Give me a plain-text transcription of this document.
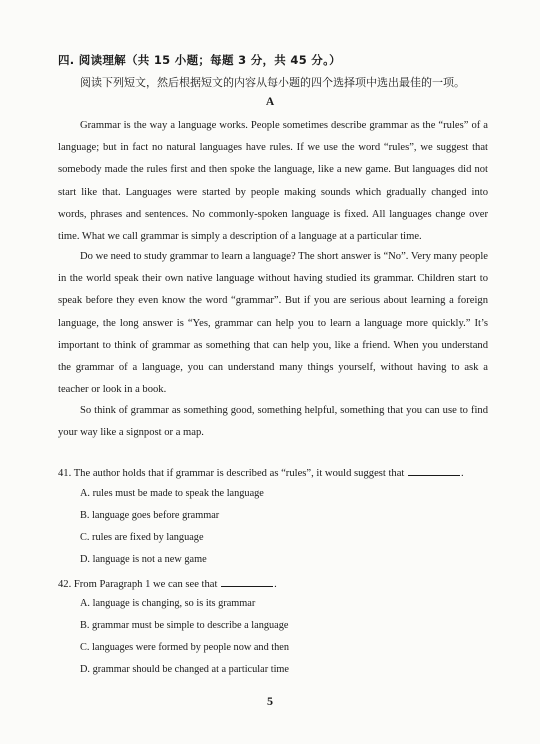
四. 阅读理解（共 15 小题；每题 3 分，共 45 分。）
阅读下列短文，然后根据短文的内容从每小题的四个选择项中选出最佳的一项。
A

Grammar is the way a language works. People sometimes describe grammar as the “rules” of a language; but in fact no natural languages have rules. If we use the word “rules”, we suggest that somebody made the rules first and then spoke the language, like a new game. But languages did not start like that. Languages were started by people making sounds which gradually changed into words, phrases and sentences. No commonly-spoken language is fixed. All languages change over time. What we call grammar is simply a description of a language at a particular time.

Do we need to study grammar to learn a language? The short answer is “No”. Very many people in the world speak their own native language without having studied its grammar. Children start to speak before they even know the word “grammar”. But if you are serious about learning a foreign language, the long answer is “Yes, grammar can help you to learn a language more quickly.” It’s important to think of grammar as something that can help you, like a friend. When you understand the grammar of a language, you can understand many things yourself, without having to ask a teacher or look in a book.

So think of grammar as something good, something helpful, something that you can use to find your way like a signpost or a map.

41. The author holds that if grammar is described as “rules”, it would suggest that	.
A. rules must be made to speak the language
B. language goes before grammar
C. rules are fixed by language
D. language is not a new game
42. From Paragraph 1 we can see that	.
A. language is changing, so is its grammar
B. grammar must be simple to describe a language
C. languages were formed by people now and then
D. grammar should be changed at a particular time
5
